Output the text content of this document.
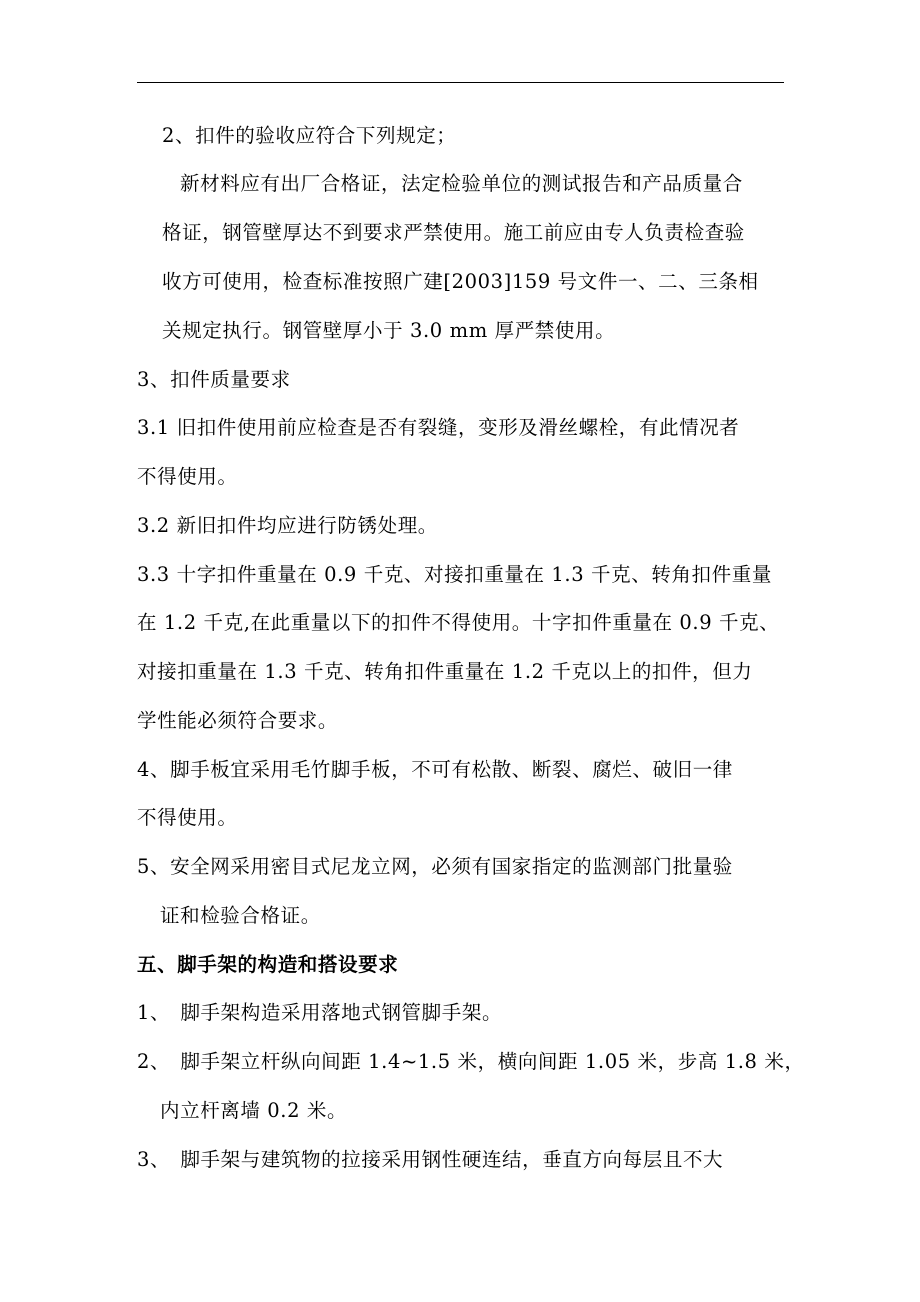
2、扣件的验收应符合下列规定；
新材料应有出厂合格证，法定检验单位的测试报告和产品质量合
格证，钢管壁厚达不到要求严禁使用。施工前应由专人负责检查验
收方可使用，检查标准按照广建[2003]159 号文件一、二、三条相
关规定执行。钢管壁厚小于 3.0 mm 厚严禁使用。
3、扣件质量要求
3.1 旧扣件使用前应检查是否有裂缝，变形及滑丝螺栓，有此情况者
不得使用。
3.2 新旧扣件均应进行防锈处理。
3.3 十字扣件重量在 0.9 千克、对接扣重量在 1.3 千克、转角扣件重量
在 1.2 千克,在此重量以下的扣件不得使用。十字扣件重量在 0.9 千克、
对接扣重量在 1.3 千克、转角扣件重量在 1.2 千克以上的扣件，但力
学性能必须符合要求。
4、脚手板宜采用毛竹脚手板，不可有松散、断裂、腐烂、破旧一律
不得使用。
5、安全网采用密目式尼龙立网，必须有国家指定的监测部门批量验
证和检验合格证。
五、脚手架的构造和搭设要求
1、　脚手架构造采用落地式钢管脚手架。
2、　脚手架立杆纵向间距 1.4~1.5 米，横向间距 1.05 米，步高 1.8 米，
内立杆离墙 0.2 米。
3、　脚手架与建筑物的拉接采用钢性硬连结，垂直方向每层且不大
